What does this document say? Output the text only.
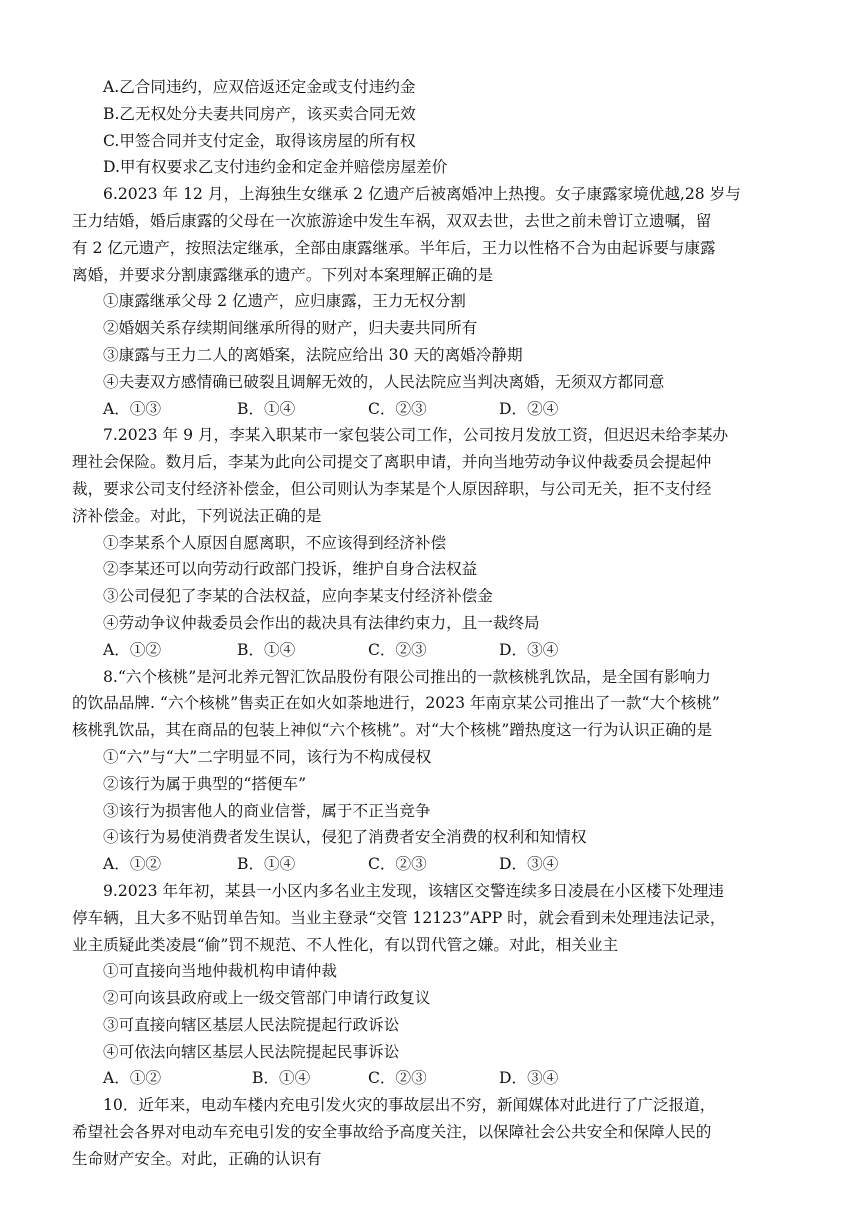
A.乙合同违约，应双倍返还定金或支付违约金
B.乙无权处分夫妻共同房产，该买卖合同无效
C.甲签合同并支付定金，取得该房屋的所有权
D.甲有权要求乙支付违约金和定金并赔偿房屋差价
6.2023 年 12 月，上海独生女继承 2 亿遗产后被离婚冲上热搜。女子康露家境优越,28 岁与
王力结婚，婚后康露的父母在一次旅游途中发生车祸，双双去世，去世之前未曾订立遗嘱，留
有 2 亿元遗产，按照法定继承，全部由康露继承。半年后，王力以性格不合为由起诉要与康露
离婚，并要求分割康露继承的遗产。下列对本案理解正确的是
①康露继承父母 2 亿遗产，应归康露，王力无权分割
②婚姻关系存续期间继承所得的财产，归夫妻共同所有
③康露与王力二人的离婚案，法院应给出 30 天的离婚冷静期
④夫妻双方感情确已破裂且调解无效的，人民法院应当判决离婚，无须双方都同意
A．①③	B．①④	C．②③	D．②④
7.2023 年 9 月，李某入职某市一家包装公司工作，公司按月发放工资，但迟迟未给李某办
理社会保险。数月后，李某为此向公司提交了离职申请，并向当地劳动争议仲裁委员会提起仲
裁，要求公司支付经济补偿金，但公司则认为李某是个人原因辞职，与公司无关，拒不支付经
济补偿金。对此，下列说法正确的是
①李某系个人原因自愿离职，不应该得到经济补偿
②李某还可以向劳动行政部门投诉，维护自身合法权益
③公司侵犯了李某的合法权益，应向李某支付经济补偿金
④劳动争议仲裁委员会作出的裁决具有法律约束力，且一裁终局
A．①②	B．①④	C．②③	D．③④
8.“六个核桃”是河北养元智汇饮品股份有限公司推出的一款核桃乳饮品，是全国有影响力
的饮品品牌. “六个核桃”售卖正在如火如荼地进行，2023 年南京某公司推出了一款“大个核桃”
核桃乳饮品，其在商品的包装上神似“六个核桃”。对“大个核桃”蹭热度这一行为认识正确的是
①“六”与“大”二字明显不同，该行为不构成侵权
②该行为属于典型的“搭便车”
③该行为损害他人的商业信誉，属于不正当竞争
④该行为易使消费者发生误认，侵犯了消费者安全消费的权利和知情权
A．①②	B．①④	C．②③	D．③④
9.2023 年年初，某县一小区内多名业主发现，该辖区交警连续多日凌晨在小区楼下处理违
停车辆，且大多不贴罚单告知。当业主登录“交管 12123”APP 时，就会看到未处理违法记录，
业主质疑此类凌晨“偷”罚不规范、不人性化，有以罚代管之嫌。对此，相关业主
①可直接向当地仲裁机构申请仲裁
②可向该县政府或上一级交管部门申请行政复议
③可直接向辖区基层人民法院提起行政诉讼
④可依法向辖区基层人民法院提起民事诉讼
A．①②	B．①④	C．②③	D．③④
10．近年来，电动车楼内充电引发火灾的事故层出不穷，新闻媒体对此进行了广泛报道，
希望社会各界对电动车充电引发的安全事故给予高度关注，以保障社会公共安全和保障人民的
生命财产安全。对此，正确的认识有
